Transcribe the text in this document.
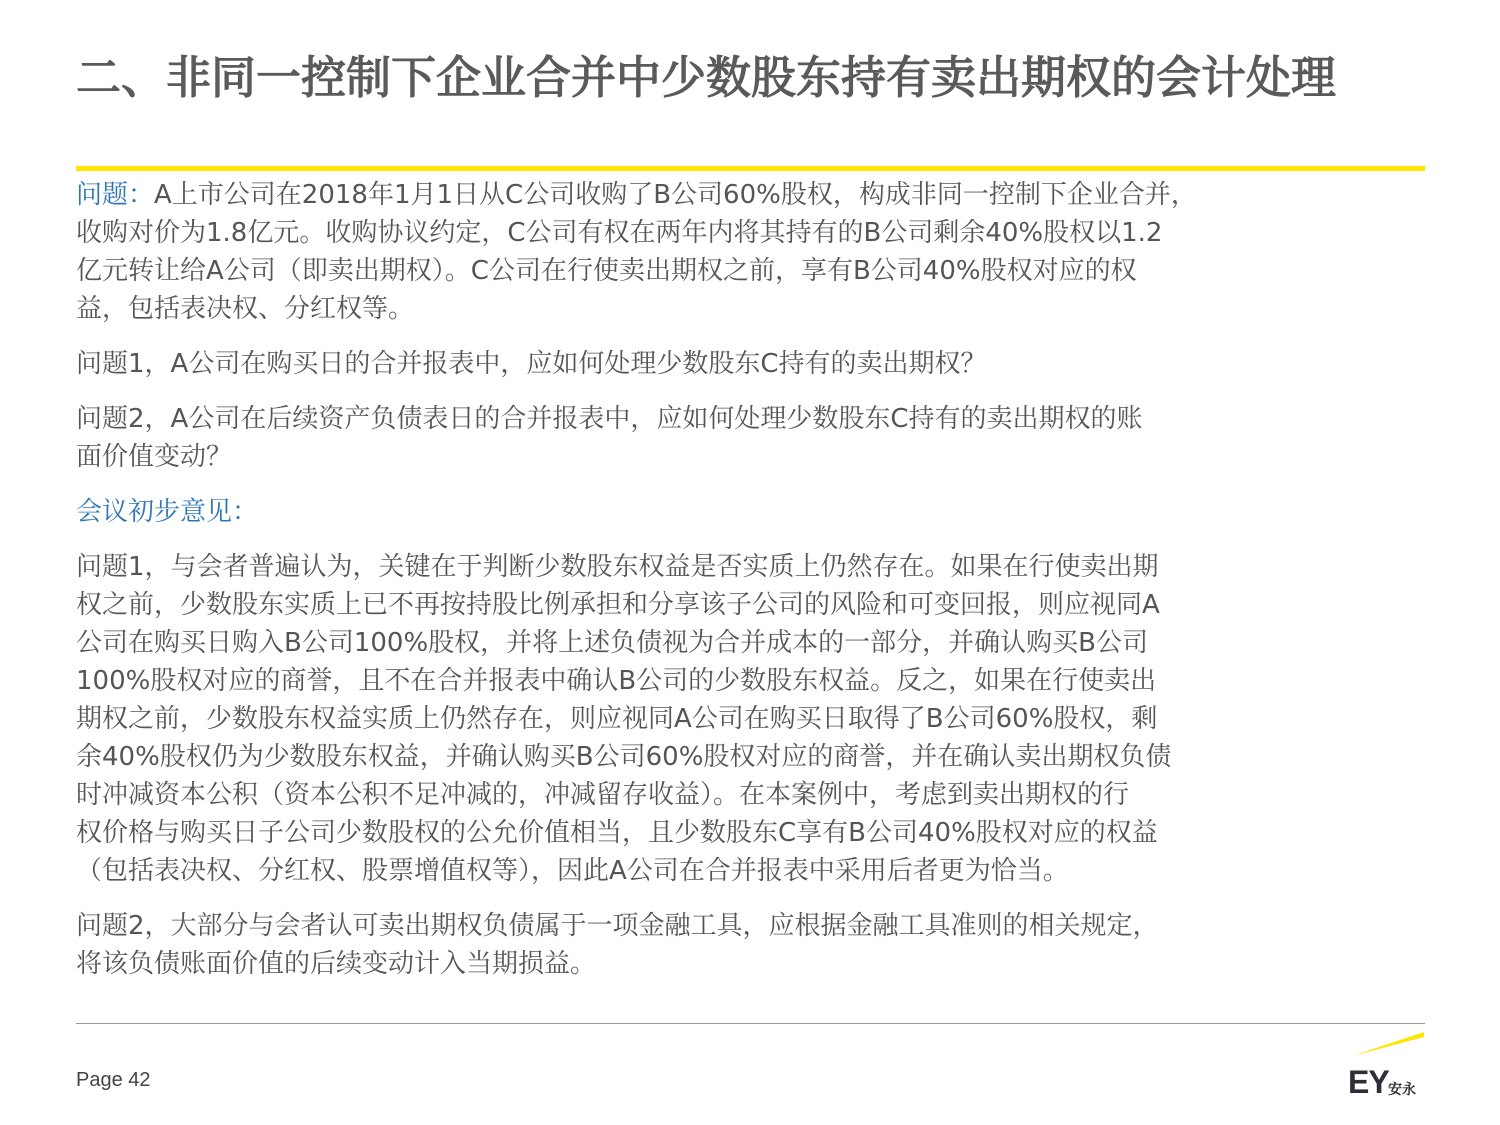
二、非同一控制下企业合并中少数股东持有卖出期权的会计处理
问题：A上市公司在2018年1月1日从C公司收购了B公司60%股权，构成非同一控制下企业合并，
收购对价为1.8亿元。收购协议约定，C公司有权在两年内将其持有的B公司剩余40%股权以1.2
亿元转让给A公司（即卖出期权）。C公司在行使卖出期权之前，享有B公司40%股权对应的权
益，包括表决权、分红权等。
问题1，A公司在购买日的合并报表中，应如何处理少数股东C持有的卖出期权？
问题2，A公司在后续资产负债表日的合并报表中，应如何处理少数股东C持有的卖出期权的账
面价值变动？
会议初步意见：
问题1，与会者普遍认为，关键在于判断少数股东权益是否实质上仍然存在。如果在行使卖出期
权之前，少数股东实质上已不再按持股比例承担和分享该子公司的风险和可变回报，则应视同A
公司在购买日购入B公司100%股权，并将上述负债视为合并成本的一部分，并确认购买B公司
100%股权对应的商誉，且不在合并报表中确认B公司的少数股东权益。反之，如果在行使卖出
期权之前，少数股东权益实质上仍然存在，则应视同A公司在购买日取得了B公司60%股权，剩
余40%股权仍为少数股东权益，并确认购买B公司60%股权对应的商誉，并在确认卖出期权负债
时冲减资本公积（资本公积不足冲减的，冲减留存收益）。在本案例中，考虑到卖出期权的行
权价格与购买日子公司少数股权的公允价值相当，且少数股东C享有B公司40%股权对应的权益
（包括表决权、分红权、股票增值权等），因此A公司在合并报表中采用后者更为恰当。
问题2，大部分与会者认可卖出期权负债属于一项金融工具，应根据金融工具准则的相关规定，
将该负债账面价值的后续变动计入当期损益。
Page 42	EY 安永
